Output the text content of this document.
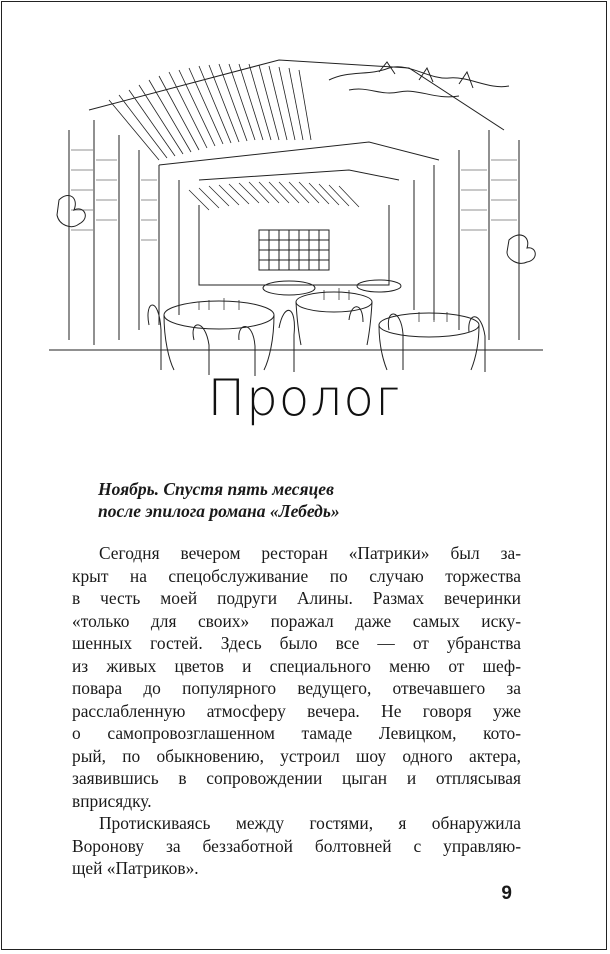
Пролог
Ноябрь. Спустя пять месяцев
после эпилога романа «Лебедь»

Сегодня вечером ресторан «Патрики» был за-
крыт на спецобслуживание по случаю торжества
в честь моей подруги Алины. Размах вечеринки
«только для своих» поражал даже самых иску-
шенных гостей. Здесь было все — от убранства
из живых цветов и специального меню от шеф-
повара до популярного ведущего, отвечавшего за
расслабленную атмосферу вечера. Не говоря уже
о самопровозглашенном тамаде Левицком, кото-
рый, по обыкновению, устроил шоу одного актера,
заявившись в сопровождении цыган и отплясывая
вприсядку.

Протискиваясь между гостями, я обнаружила
Воронову за беззаботной болтовней с управляю-
щей «Патриков».

9
